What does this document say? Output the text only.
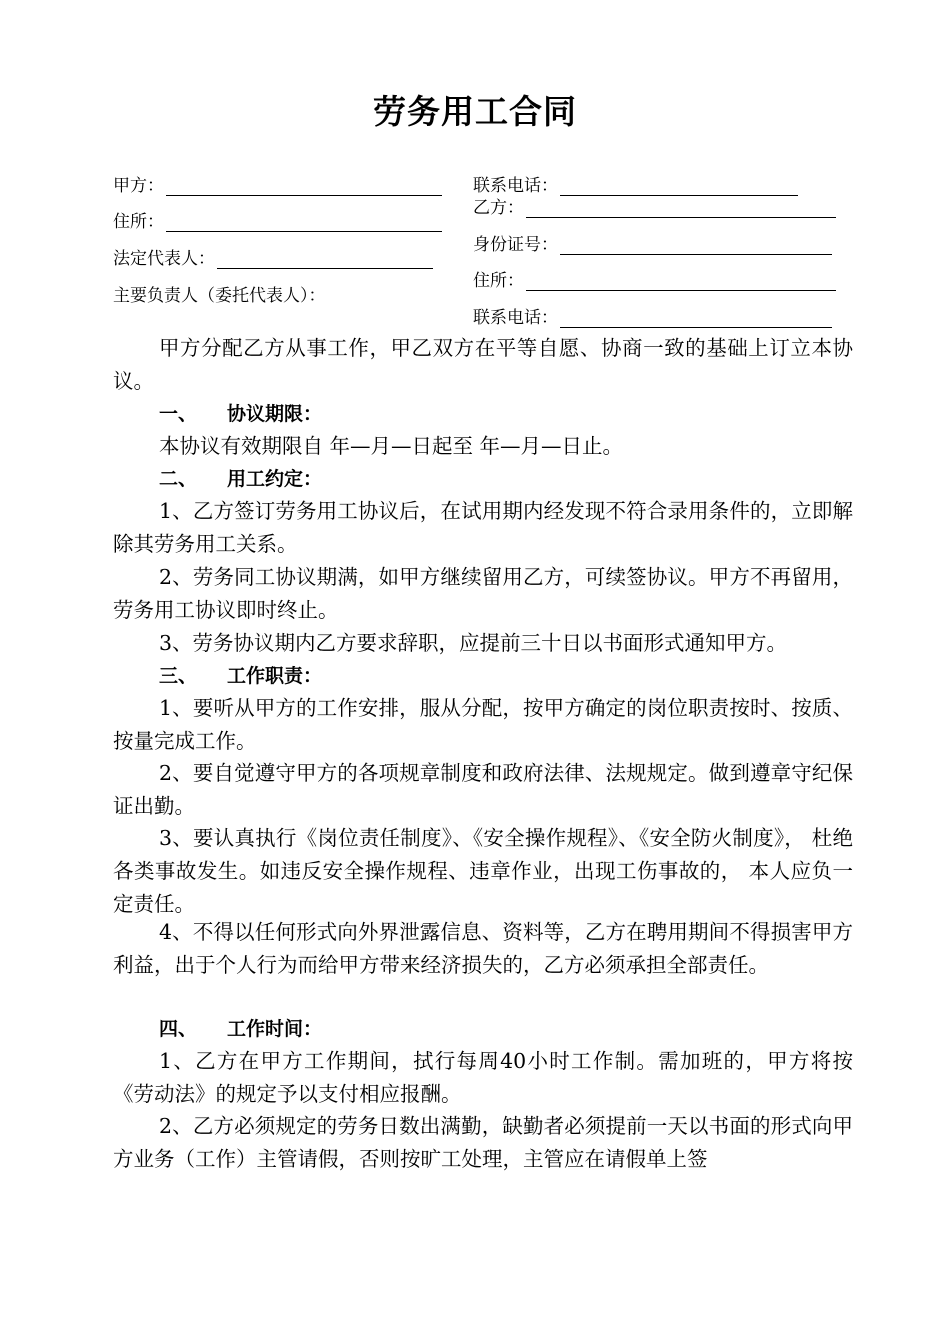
劳务用工合同
甲方：
住所：
法定代表人：
主要负责人（委托代表人）：
联系电话：
乙方：
身份证号：
住所：
联系电话：
甲方分配乙方从事工作，甲乙双方在平等自愿、协商一致的基础上订立本协议。
一、 协议期限：
本协议有效期限自 年—月—日起至 年—月—日止。
二、 用工约定：
1、乙方签订劳务用工协议后，在试用期内经发现不符合录用条件的，立即解除其劳务用工关系。
2、劳务同工协议期满，如甲方继续留用乙方，可续签协议。甲方不再留用，劳务用工协议即时终止。
3、劳务协议期内乙方要求辞职，应提前三十日以书面形式通知甲方。
三、 工作职责：
1、要听从甲方的工作安排，服从分配，按甲方确定的岗位职责按时、按质、按量完成工作。
2、要自觉遵守甲方的各项规章制度和政府法律、法规规定。做到遵章守纪保证出勤。
3、要认真执行《岗位责任制度》、《安全操作规程》、《安全防火制度》， 杜绝各类事故发生。如违反安全操作规程、违章作业，出现工伤事故的， 本人应负一定责任。
4、不得以任何形式向外界泄露信息、资料等，乙方在聘用期间不得损害甲方利益，出于个人行为而给甲方带来经济损失的，乙方必须承担全部责任。
四、 工作时间：
1、乙方在甲方工作期间，拭行每周40小时工作制。需加班的，甲方将按《劳动法》的规定予以支付相应报酬。
2、乙方必须规定的劳务日数出满勤，缺勤者必须提前一天以书面的形式向甲方业务（工作）主管请假，否则按旷工处理，主管应在请假单上签
